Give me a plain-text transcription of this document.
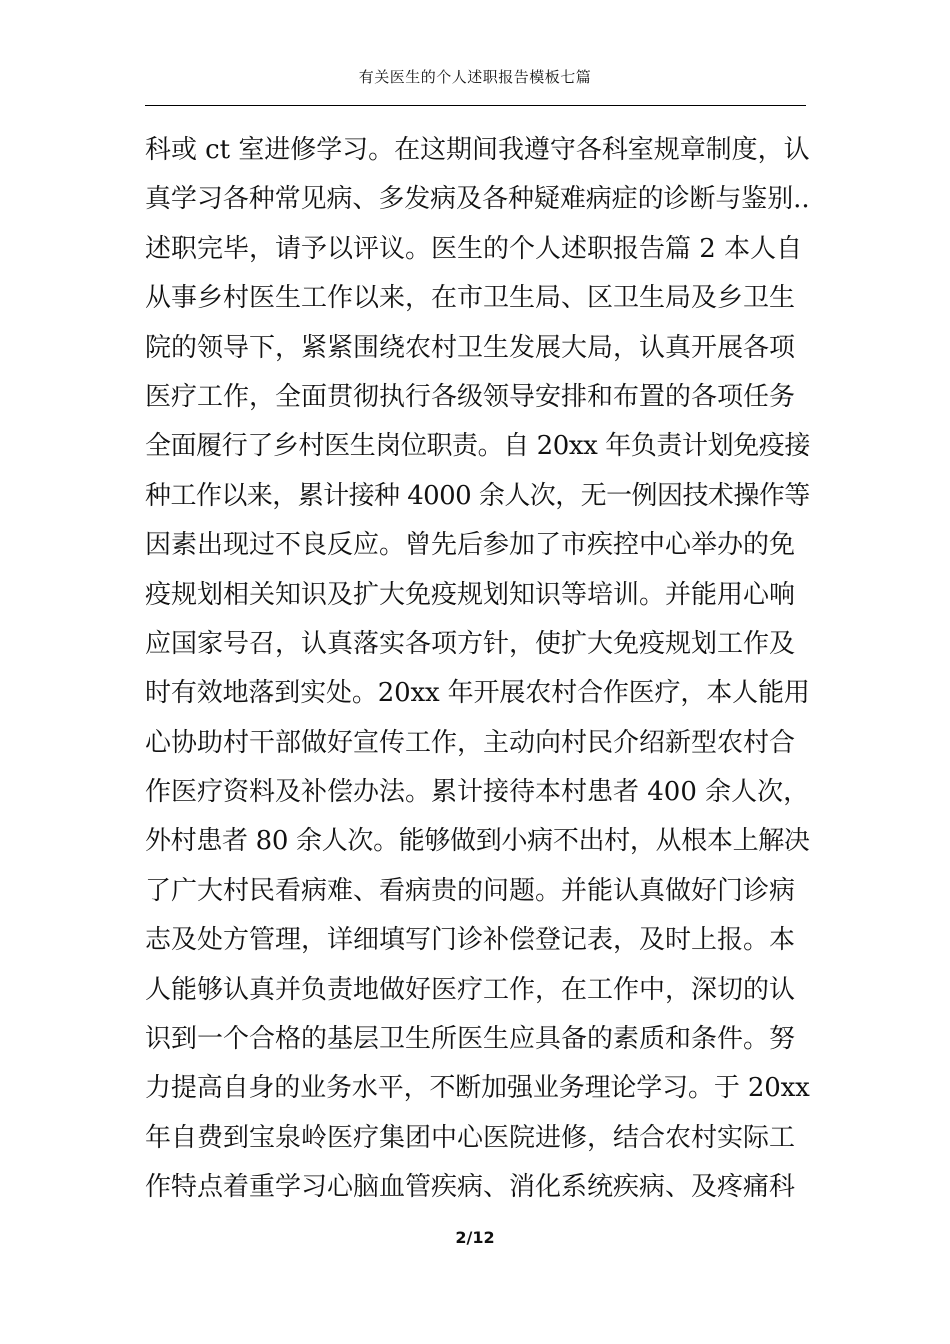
有关医生的个人述职报告模板七篇
科或 ct 室进修学习。在这期间我遵守各科室规章制度，认
真学习各种常见病、多发病及各种疑难病症的诊断与鉴别..
述职完毕，请予以评议。医生的个人述职报告篇 2 本人自
从事乡村医生工作以来，在市卫生局、区卫生局及乡卫生
院的领导下，紧紧围绕农村卫生发展大局，认真开展各项
医疗工作，全面贯彻执行各级领导安排和布置的各项任务
全面履行了乡村医生岗位职责。自 20xx 年负责计划免疫接
种工作以来，累计接种 4000 余人次，无一例因技术操作等
因素出现过不良反应。曾先后参加了市疾控中心举办的免
疫规划相关知识及扩大免疫规划知识等培训。并能用心响
应国家号召，认真落实各项方针，使扩大免疫规划工作及
时有效地落到实处。20xx 年开展农村合作医疗，本人能用
心协助村干部做好宣传工作，主动向村民介绍新型农村合
作医疗资料及补偿办法。累计接待本村患者 400 余人次，
外村患者 80 余人次。能够做到小病不出村，从根本上解决
了广大村民看病难、看病贵的问题。并能认真做好门诊病
志及处方管理，详细填写门诊补偿登记表，及时上报。本
人能够认真并负责地做好医疗工作，在工作中，深切的认
识到一个合格的基层卫生所医生应具备的素质和条件。努
力提高自身的业务水平，不断加强业务理论学习。于 20xx
年自费到宝泉岭医疗集团中心医院进修，结合农村实际工
作特点着重学习心脑血管疾病、消化系统疾病、及疼痛科
2/12
